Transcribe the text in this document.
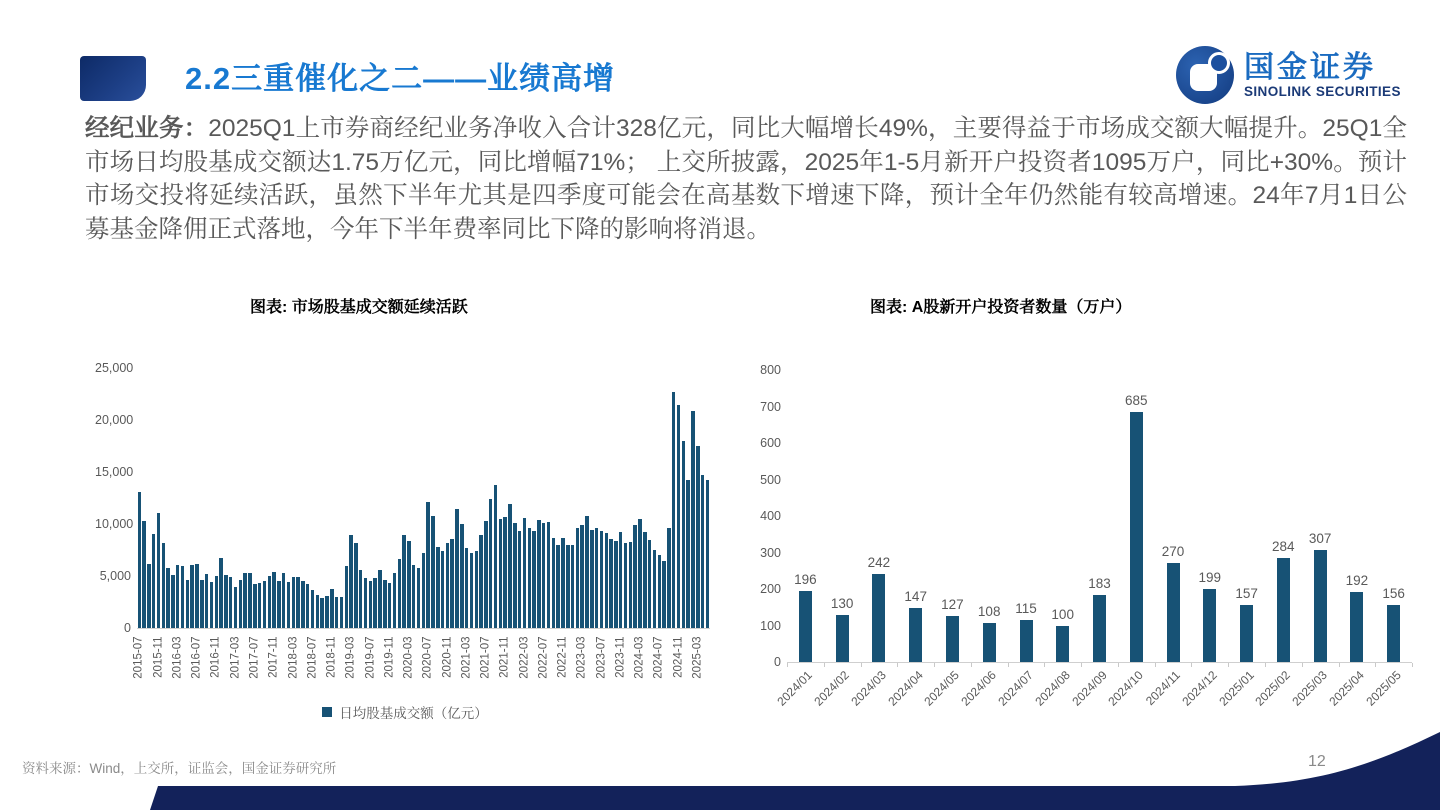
2.2三重催化之二——业绩高增	国金证券
SINOLINK SECURITIES

经纪业务：2025Q1上市券商经纪业务净收入合计328亿元，同比大幅增长49%，主要得益于市场成交额大幅提升。25Q1全市场日均股基成交额达1.75万亿元，同比增幅71%； 上交所披露，2025年1-5月新开户投资者1095万户，同比+30%。预计市场交投将延续活跃，虽然下半年尤其是四季度可能会在高基数下增速下降，预计全年仍然能有较高增速。24年7月1日公募基金降佣正式落地，今年下半年费率同比下降的影响将消退。

图表: 市场股基成交额延续活跃	图表: A股新开户投资者数量（万户）
0
5,000
10,000
15,000
20,000
25,000
2015-07 2015-11 2016-03 2016-07 2016-11 2017-03 2017-07 2017-11 2018-03 2018-07 2018-11 2019-03 2019-07 2019-11 2020-03 2020-07 2020-11 2021-03 2021-07 2021-11 2022-03 2022-07 2022-11 2023-03 2023-07 2023-11 2024-03 2024-07 2024-11 2025-03
日均股基成交额（亿元）
196
2024/01
130
2024/02
242
2024/03
147
2024/04
127
2024/05
108
2024/06
115
2024/07
100
2024/08
183
2024/09
685
2024/10
270
2024/11
199
2024/12
157
2025/01
284
2025/02
307
2025/03
192
2025/04
156
2025/05
0
100
200
300
400
500
600
700
800
资料来源：Wind，上交所，证监会，国金证券研究所	12
